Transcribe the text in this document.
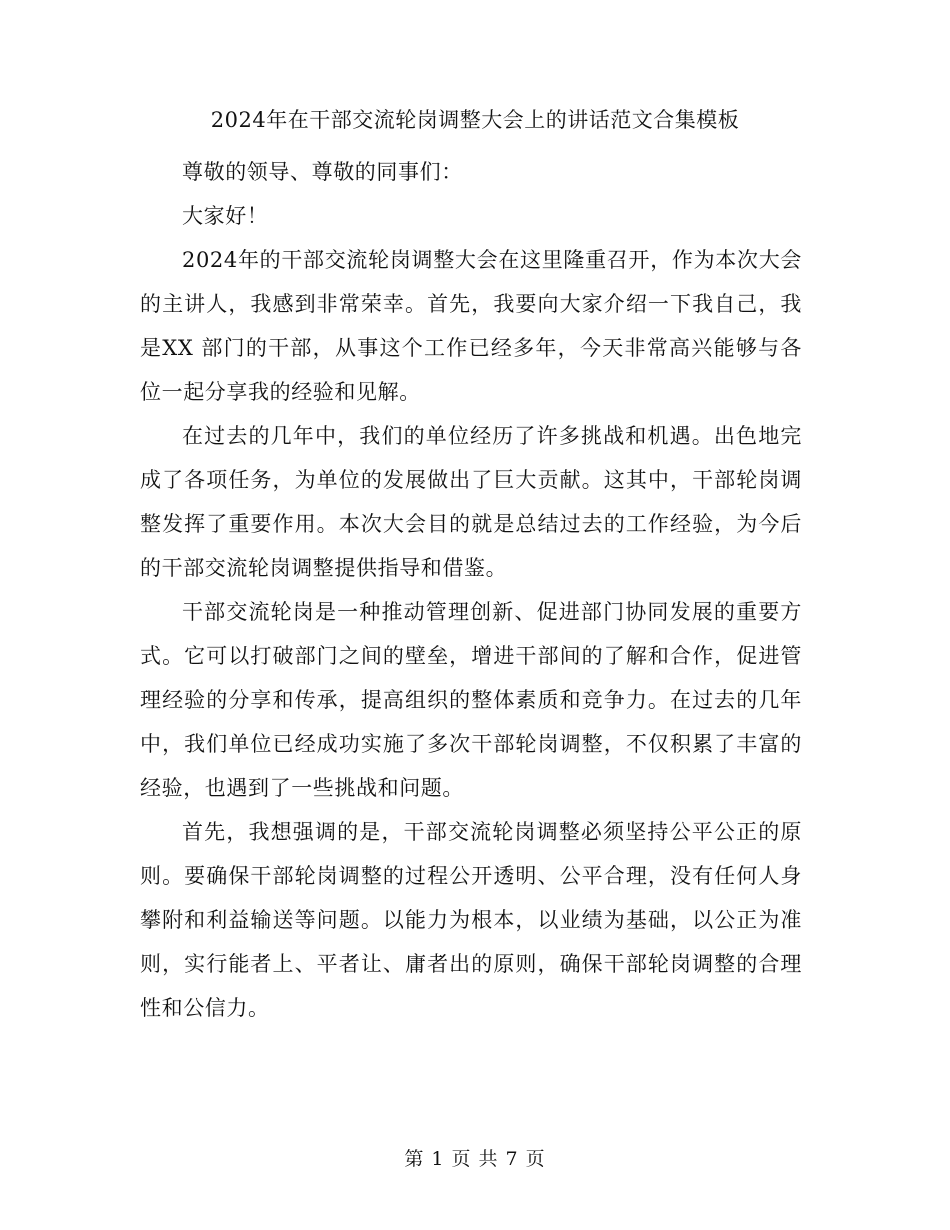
2024年在干部交流轮岗调整大会上的讲话范文合集模板

尊敬的领导、尊敬的同事们：

大家好！

2024年的干部交流轮岗调整大会在这里隆重召开，作为本次大会的主讲人，我感到非常荣幸。首先，我要向大家介绍一下我自己，我是XX 部门的干部，从事这个工作已经多年，今天非常高兴能够与各位一起分享我的经验和见解。

在过去的几年中，我们的单位经历了许多挑战和机遇。出色地完成了各项任务，为单位的发展做出了巨大贡献。这其中，干部轮岗调整发挥了重要作用。本次大会目的就是总结过去的工作经验，为今后的干部交流轮岗调整提供指导和借鉴。

干部交流轮岗是一种推动管理创新、促进部门协同发展的重要方式。它可以打破部门之间的壁垒，增进干部间的了解和合作，促进管理经验的分享和传承，提高组织的整体素质和竞争力。在过去的几年中，我们单位已经成功实施了多次干部轮岗调整，不仅积累了丰富的经验，也遇到了一些挑战和问题。

首先，我想强调的是，干部交流轮岗调整必须坚持公平公正的原则。要确保干部轮岗调整的过程公开透明、公平合理，没有任何人身攀附和利益输送等问题。以能力为根本，以业绩为基础，以公正为准则，实行能者上、平者让、庸者出的原则，确保干部轮岗调整的合理性和公信力。

第 1 页 共 7 页
